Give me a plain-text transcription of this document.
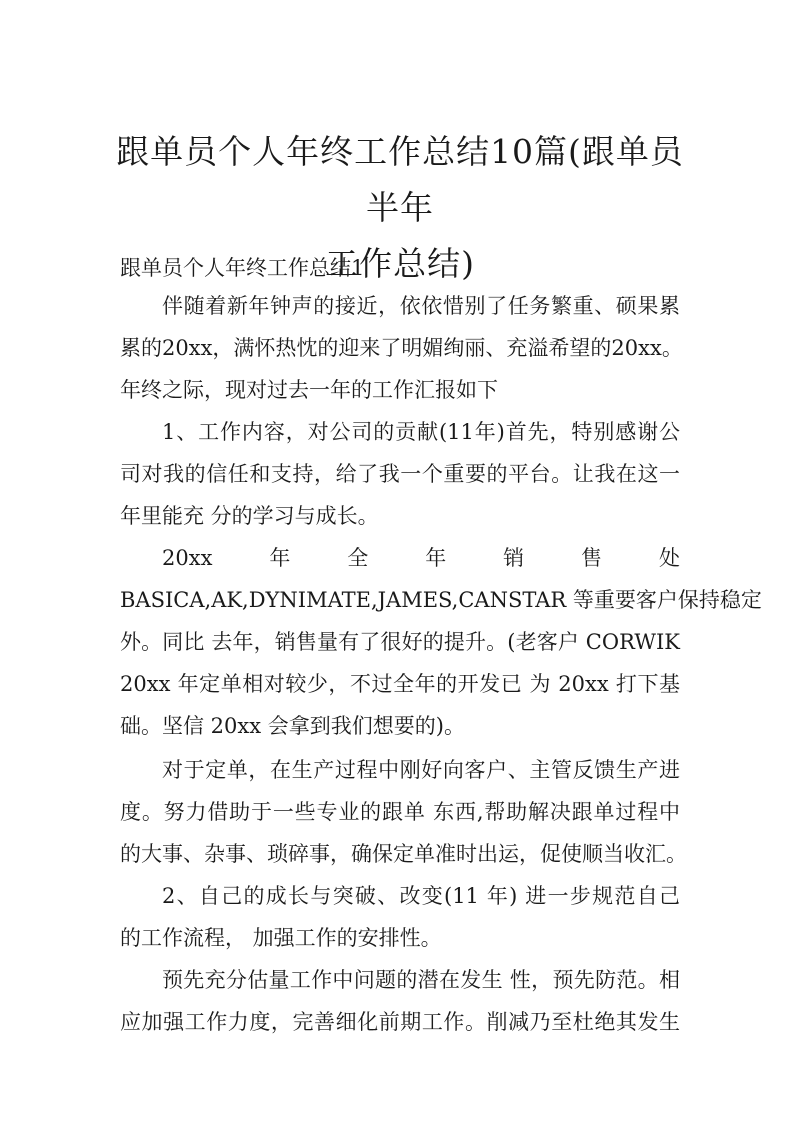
跟单员个人年终工作总结10篇(跟单员半年
工作总结)

跟单员个人年终工作总结1

伴随着新年钟声的接近，依依惜别了任务繁重、硕果累

累的20xx，满怀热忱的迎来了明媚绚丽、充溢希望的20xx。

年终之际，现对过去一年的工作汇报如下

1、工作内容，对公司的贡献(11年)首先，特别感谢公

司对我的信任和支持，给了我一个重要的平台。让我在这一

年里能充 分的学习与成长。

20xx　年　全　年　销　售　处

BASICA,AK,DYNIMATE,JAMES,CANSTAR 等重要客户保持稳定

外。同比 去年，销售量有了很好的提升。(老客户 CORWIK

20xx 年定单相对较少，不过全年的开发已 为 20xx 打下基

础。坚信 20xx 会拿到我们想要的)。

对于定单，在生产过程中刚好向客户、主管反馈生产进

度。努力借助于一些专业的跟单 东西,帮助解决跟单过程中

的大事、杂事、琐碎事，确保定单准时出运，促使顺当收汇。

2、自己的成长与突破、改变(11 年) 进一步规范自己

的工作流程， 加强工作的安排性。

预先充分估量工作中问题的潜在发生 性，预先防范。相

应加强工作力度，完善细化前期工作。削减乃至杜绝其发生
